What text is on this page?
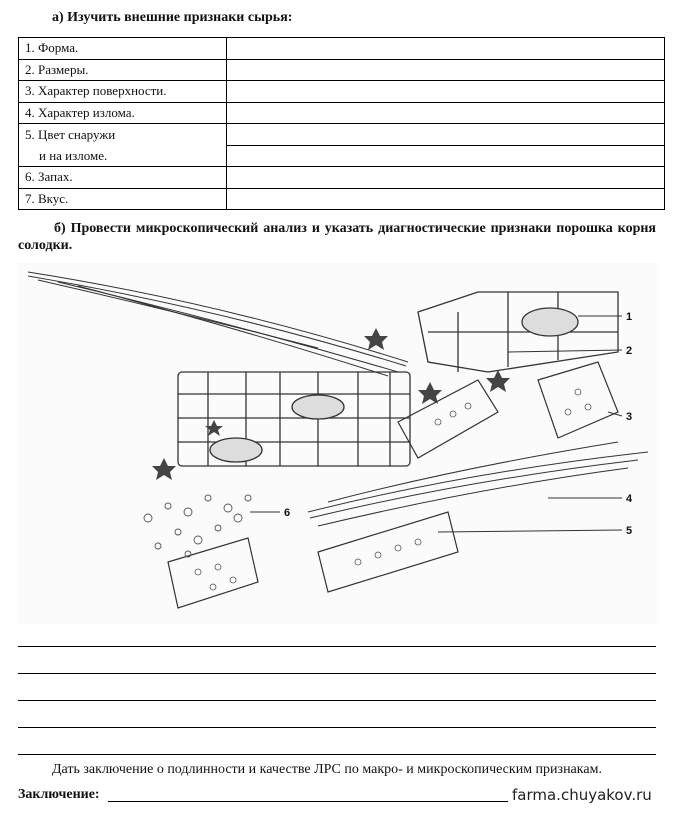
а) Изучить внешние признаки сырья:
1. Форма.	
2. Размеры.	
3. Характер поверхности.	
4. Характер излома.	
5. Цвет снаружи	
и на изломе.	
6. Запах.	
7. Вкус.	
б) Провести микроскопический анализ и указать диагностические признаки порошка корня солодки.
1
2
3
4
5
6
Дать заключение о подлинности и качестве ЛРС по макро- и микроскопическим признакам.
Заключение:	farma.chuyakov.ru
